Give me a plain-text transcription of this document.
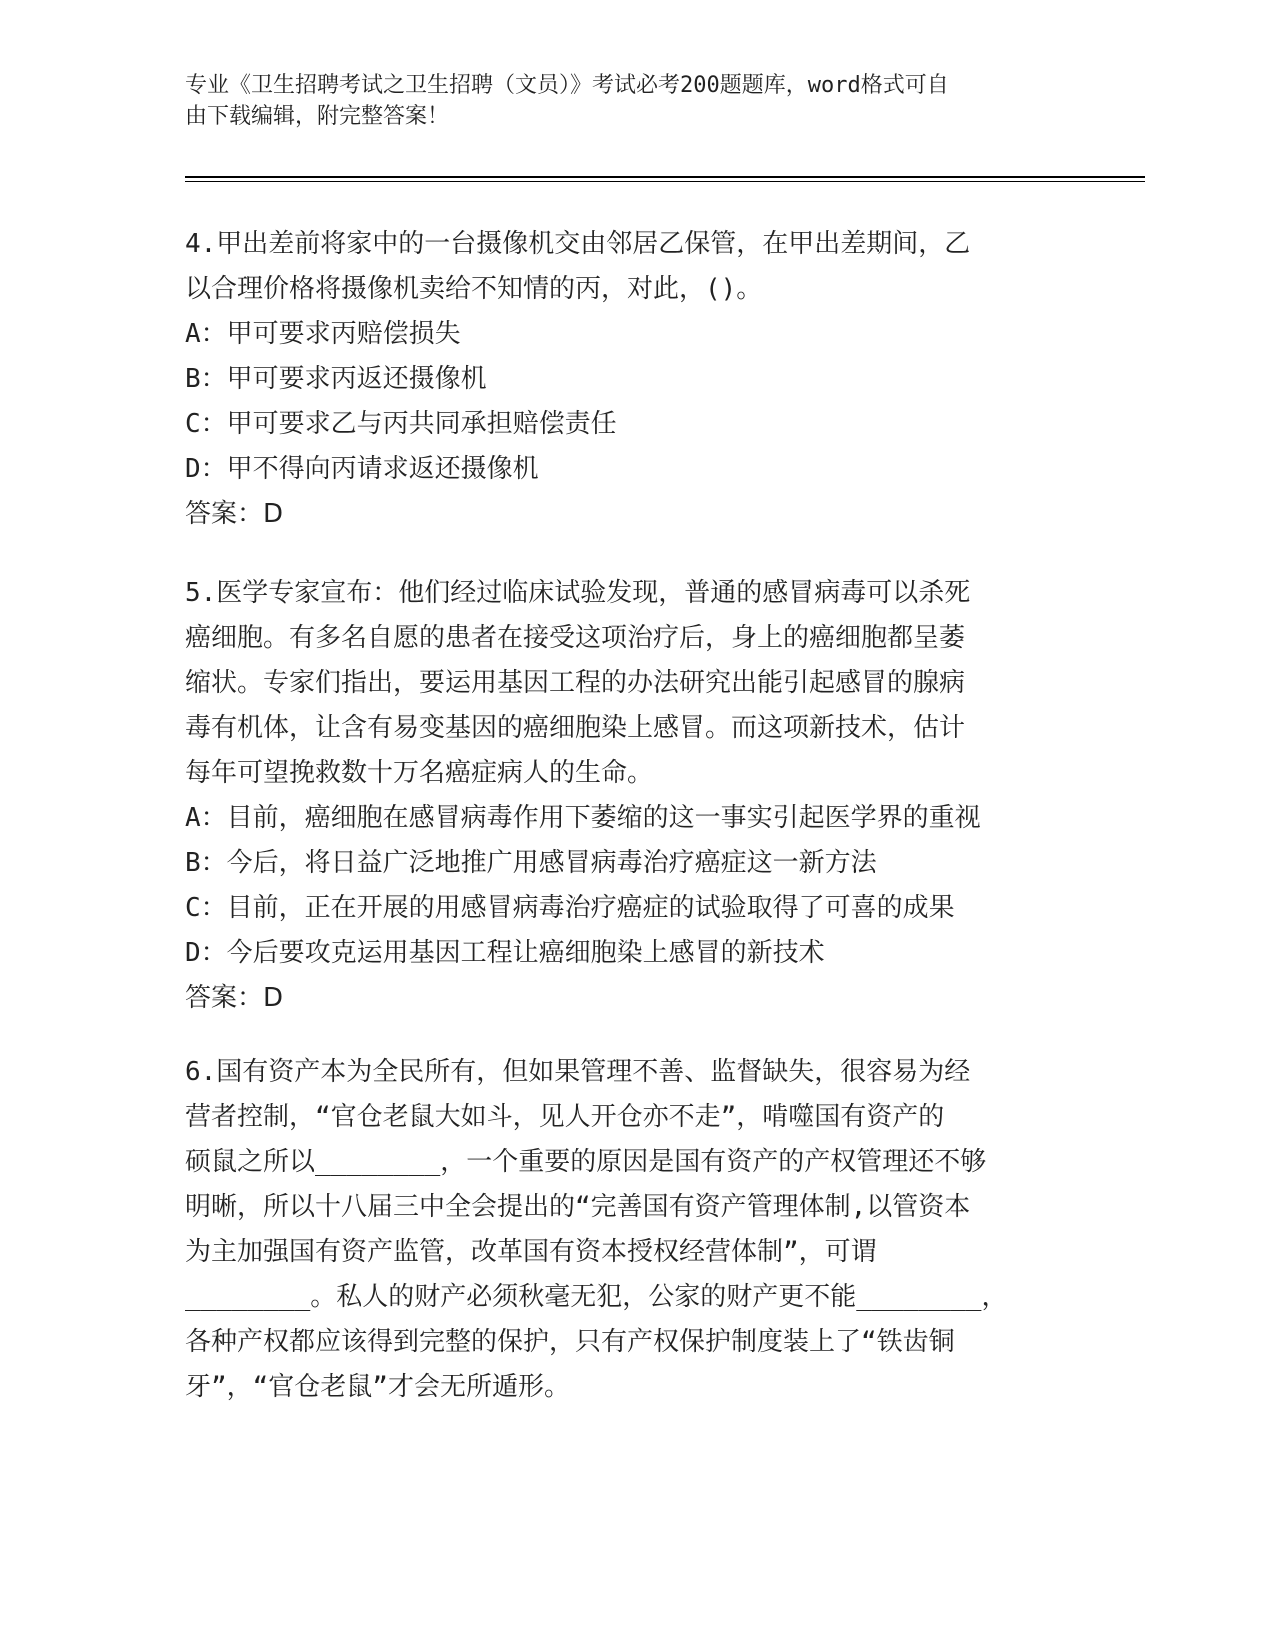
专业《卫生招聘考试之卫生招聘（文员）》考试必考200题题库，word格式可自
由下载编辑，附完整答案！

4.甲出差前将家中的一台摄像机交由邻居乙保管，在甲出差期间，乙

以合理价格将摄像机卖给不知情的丙，对此，()。

A：甲可要求丙赔偿损失

B：甲可要求丙返还摄像机

C：甲可要求乙与丙共同承担赔偿责任

D：甲不得向丙请求返还摄像机

答案：D

5.医学专家宣布：他们经过临床试验发现，普通的感冒病毒可以杀死

癌细胞。有多名自愿的患者在接受这项治疗后，身上的癌细胞都呈萎

缩状。专家们指出，要运用基因工程的办法研究出能引起感冒的腺病

毒有机体，让含有易变基因的癌细胞染上感冒。而这项新技术，估计

每年可望挽救数十万名癌症病人的生命。

A：目前，癌细胞在感冒病毒作用下萎缩的这一事实引起医学界的重视

B：今后，将日益广泛地推广用感冒病毒治疗癌症这一新方法

C：目前，正在开展的用感冒病毒治疗癌症的试验取得了可喜的成果

D：今后要攻克运用基因工程让癌细胞染上感冒的新技术

答案：D

6.国有资产本为全民所有，但如果管理不善、监督缺失，很容易为经

营者控制，“官仓老鼠大如斗，见人开仓亦不走”，啃噬国有资产的

硕鼠之所以________，一个重要的原因是国有资产的产权管理还不够

明晰，所以十八届三中全会提出的“完善国有资产管理体制,以管资本

为主加强国有资产监管，改革国有资本授权经营体制”，可谓

________。私人的财产必须秋毫无犯，公家的财产更不能________，

各种产权都应该得到完整的保护，只有产权保护制度装上了“铁齿铜

牙”，“官仓老鼠”才会无所遁形。
